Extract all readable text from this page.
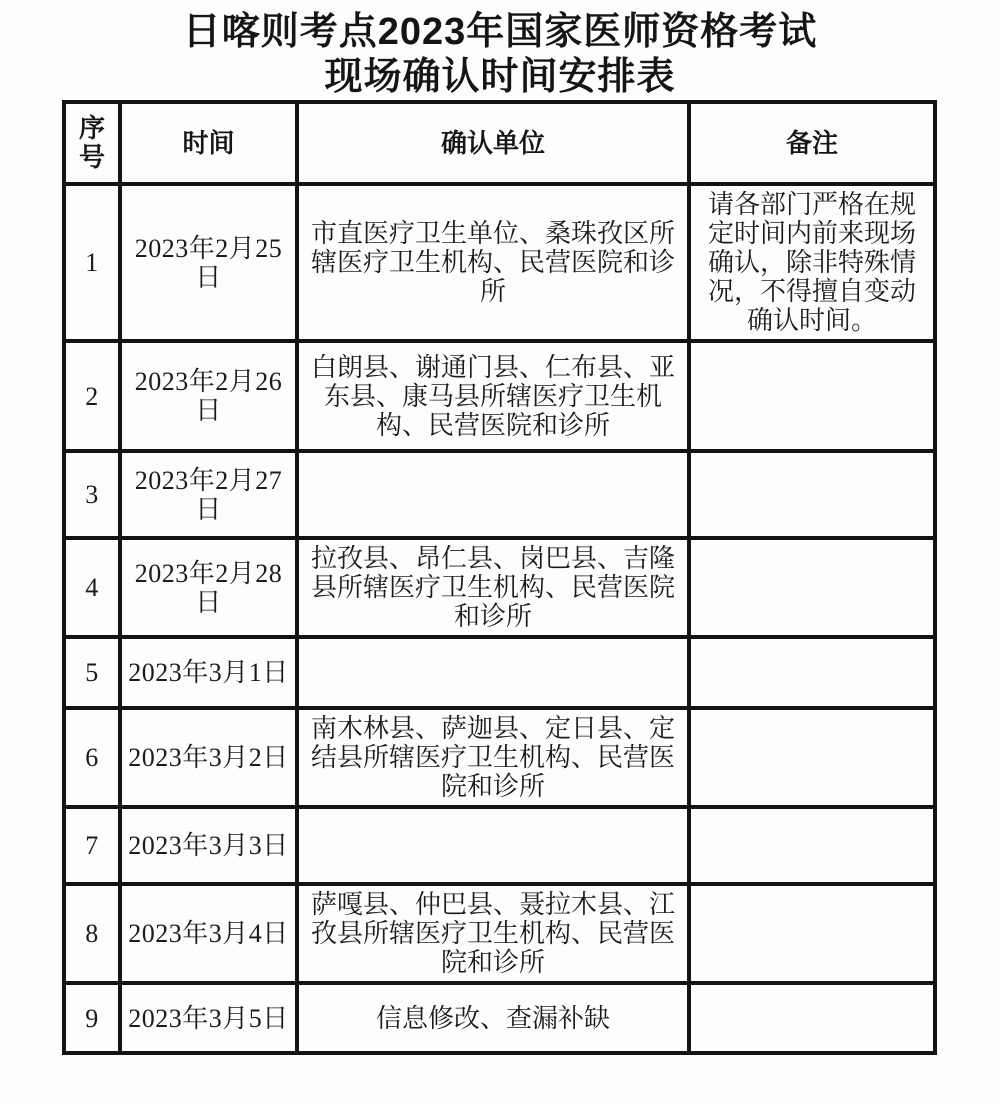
日喀则考点2023年国家医师资格考试
现场确认时间安排表
序号	时间	确认单位	备注
1	2023年2月25日	市直医疗卫生单位、桑珠孜区所辖医疗卫生机构、民营医院和诊所	请各部门严格在规定时间内前来现场确认，除非特殊情况，不得擅自变动确认时间。
2	2023年2月26日	白朗县、谢通门县、仁布县、亚东县、康马县所辖医疗卫生机构、民营医院和诊所	
3	2023年2月27日		
4	2023年2月28日	拉孜县、昂仁县、岗巴县、吉隆县所辖医疗卫生机构、民营医院和诊所	
5	2023年3月1日		
6	2023年3月2日	南木林县、萨迦县、定日县、定结县所辖医疗卫生机构、民营医院和诊所	
7	2023年3月3日		
8	2023年3月4日	萨嘎县、仲巴县、聂拉木县、江孜县所辖医疗卫生机构、民营医院和诊所	
9	2023年3月5日	信息修改、查漏补缺	
